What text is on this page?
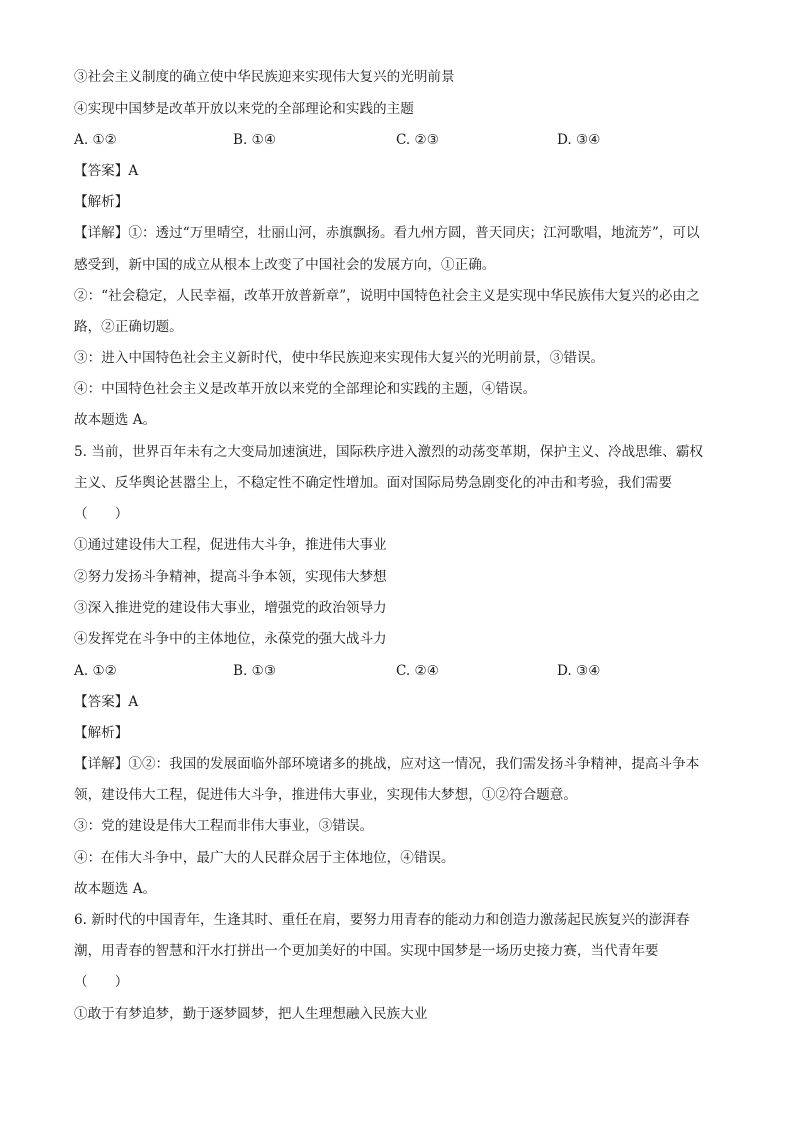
③社会主义制度的确立使中华民族迎来实现伟大复兴的光明前景
④实现中国梦是改革开放以来党的全部理论和实践的主题
【答案】A
【解析】
【详解】①：透过“万里晴空，壮丽山河，赤旗飘扬。看九州方圆，普天同庆；江河歌唱，地流芳”，可以
感受到，新中国的成立从根本上改变了中国社会的发展方向，①正确。
②：“社会稳定，人民幸福，改革开放普新章”，说明中国特色社会主义是实现中华民族伟大复兴的必由之
路，②正确切题。
③：进入中国特色社会主义新时代，使中华民族迎来实现伟大复兴的光明前景，③错误。
④：中国特色社会主义是改革开放以来党的全部理论和实践的主题，④错误。
故本题选 A。
5. 当前，世界百年未有之大变局加速演进，国际秩序进入激烈的动荡变革期，保护主义、冷战思维、霸权
主义、反华舆论甚嚣尘上，不稳定性不确定性增加。面对国际局势急剧变化的冲击和考验，我们需要
（　　）
①通过建设伟大工程，促进伟大斗争，推进伟大事业
②努力发扬斗争精神，提高斗争本领，实现伟大梦想
③深入推进党的建设伟大事业，增强党的政治领导力
④发挥党在斗争中的主体地位，永葆党的强大战斗力
【答案】A
【解析】
【详解】①②：我国的发展面临外部环境诸多的挑战，应对这一情况，我们需发扬斗争精神，提高斗争本
领，建设伟大工程，促进伟大斗争，推进伟大事业，实现伟大梦想，①②符合题意。
③：党的建设是伟大工程而非伟大事业，③错误。
④：在伟大斗争中，最广大的人民群众居于主体地位，④错误。
故本题选 A。
6. 新时代的中国青年，生逢其时、重任在肩，要努力用青春的能动力和创造力激荡起民族复兴的澎湃春
潮，用青春的智慧和汗水打拼出一个更加美好的中国。实现中国梦是一场历史接力赛，当代青年要
（　　）
①敢于有梦追梦，勤于逐梦圆梦，把人生理想融入民族大业
A. ①②	B. ①④	C. ②③	D. ③④
A. ①②	B. ①③	C. ②④	D. ③④
